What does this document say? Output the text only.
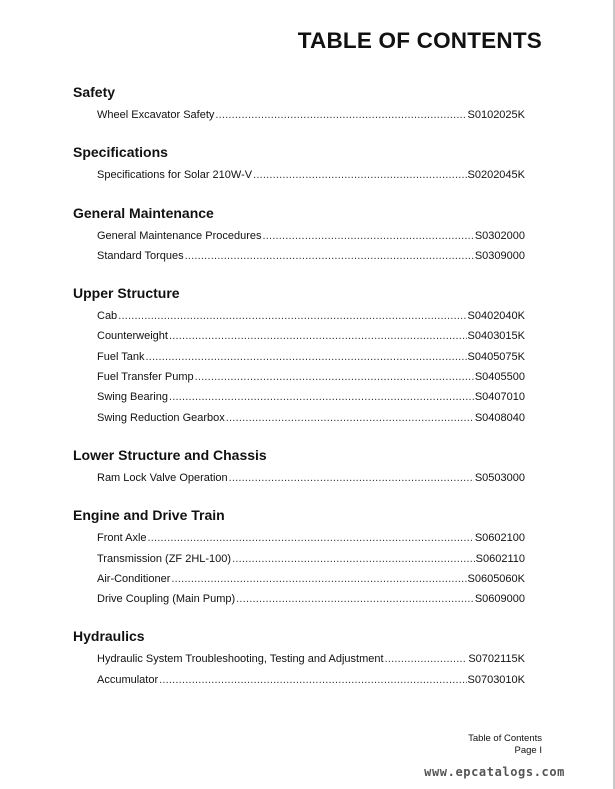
TABLE OF CONTENTS
Safety
Wheel Excavator Safety .....	S0102025K
Specifications
Specifications for Solar 210W-V .....	S0202045K
General Maintenance
General Maintenance Procedures .....	S0302000
Standard Torques .....	S0309000
Upper Structure
Cab .....	S0402040K
Counterweight .....	S0403015K
Fuel Tank .....	S0405075K
Fuel Transfer Pump .....	S0405500
Swing Bearing .....	S0407010
Swing Reduction Gearbox .....	S0408040
Lower Structure and Chassis
Ram Lock Valve Operation .....	S0503000
Engine and Drive Train
Front Axle .....	S0602100
Transmission (ZF 2HL-100) .....	S0602110
Air-Conditioner .....	S0605060K
Drive Coupling (Main Pump) .....	S0609000
Hydraulics
Hydraulic System Troubleshooting, Testing and Adjustment .....	S0702115K
Accumulator .....	S0703010K
Table of Contents
Page I
www.epcatalogs.com
